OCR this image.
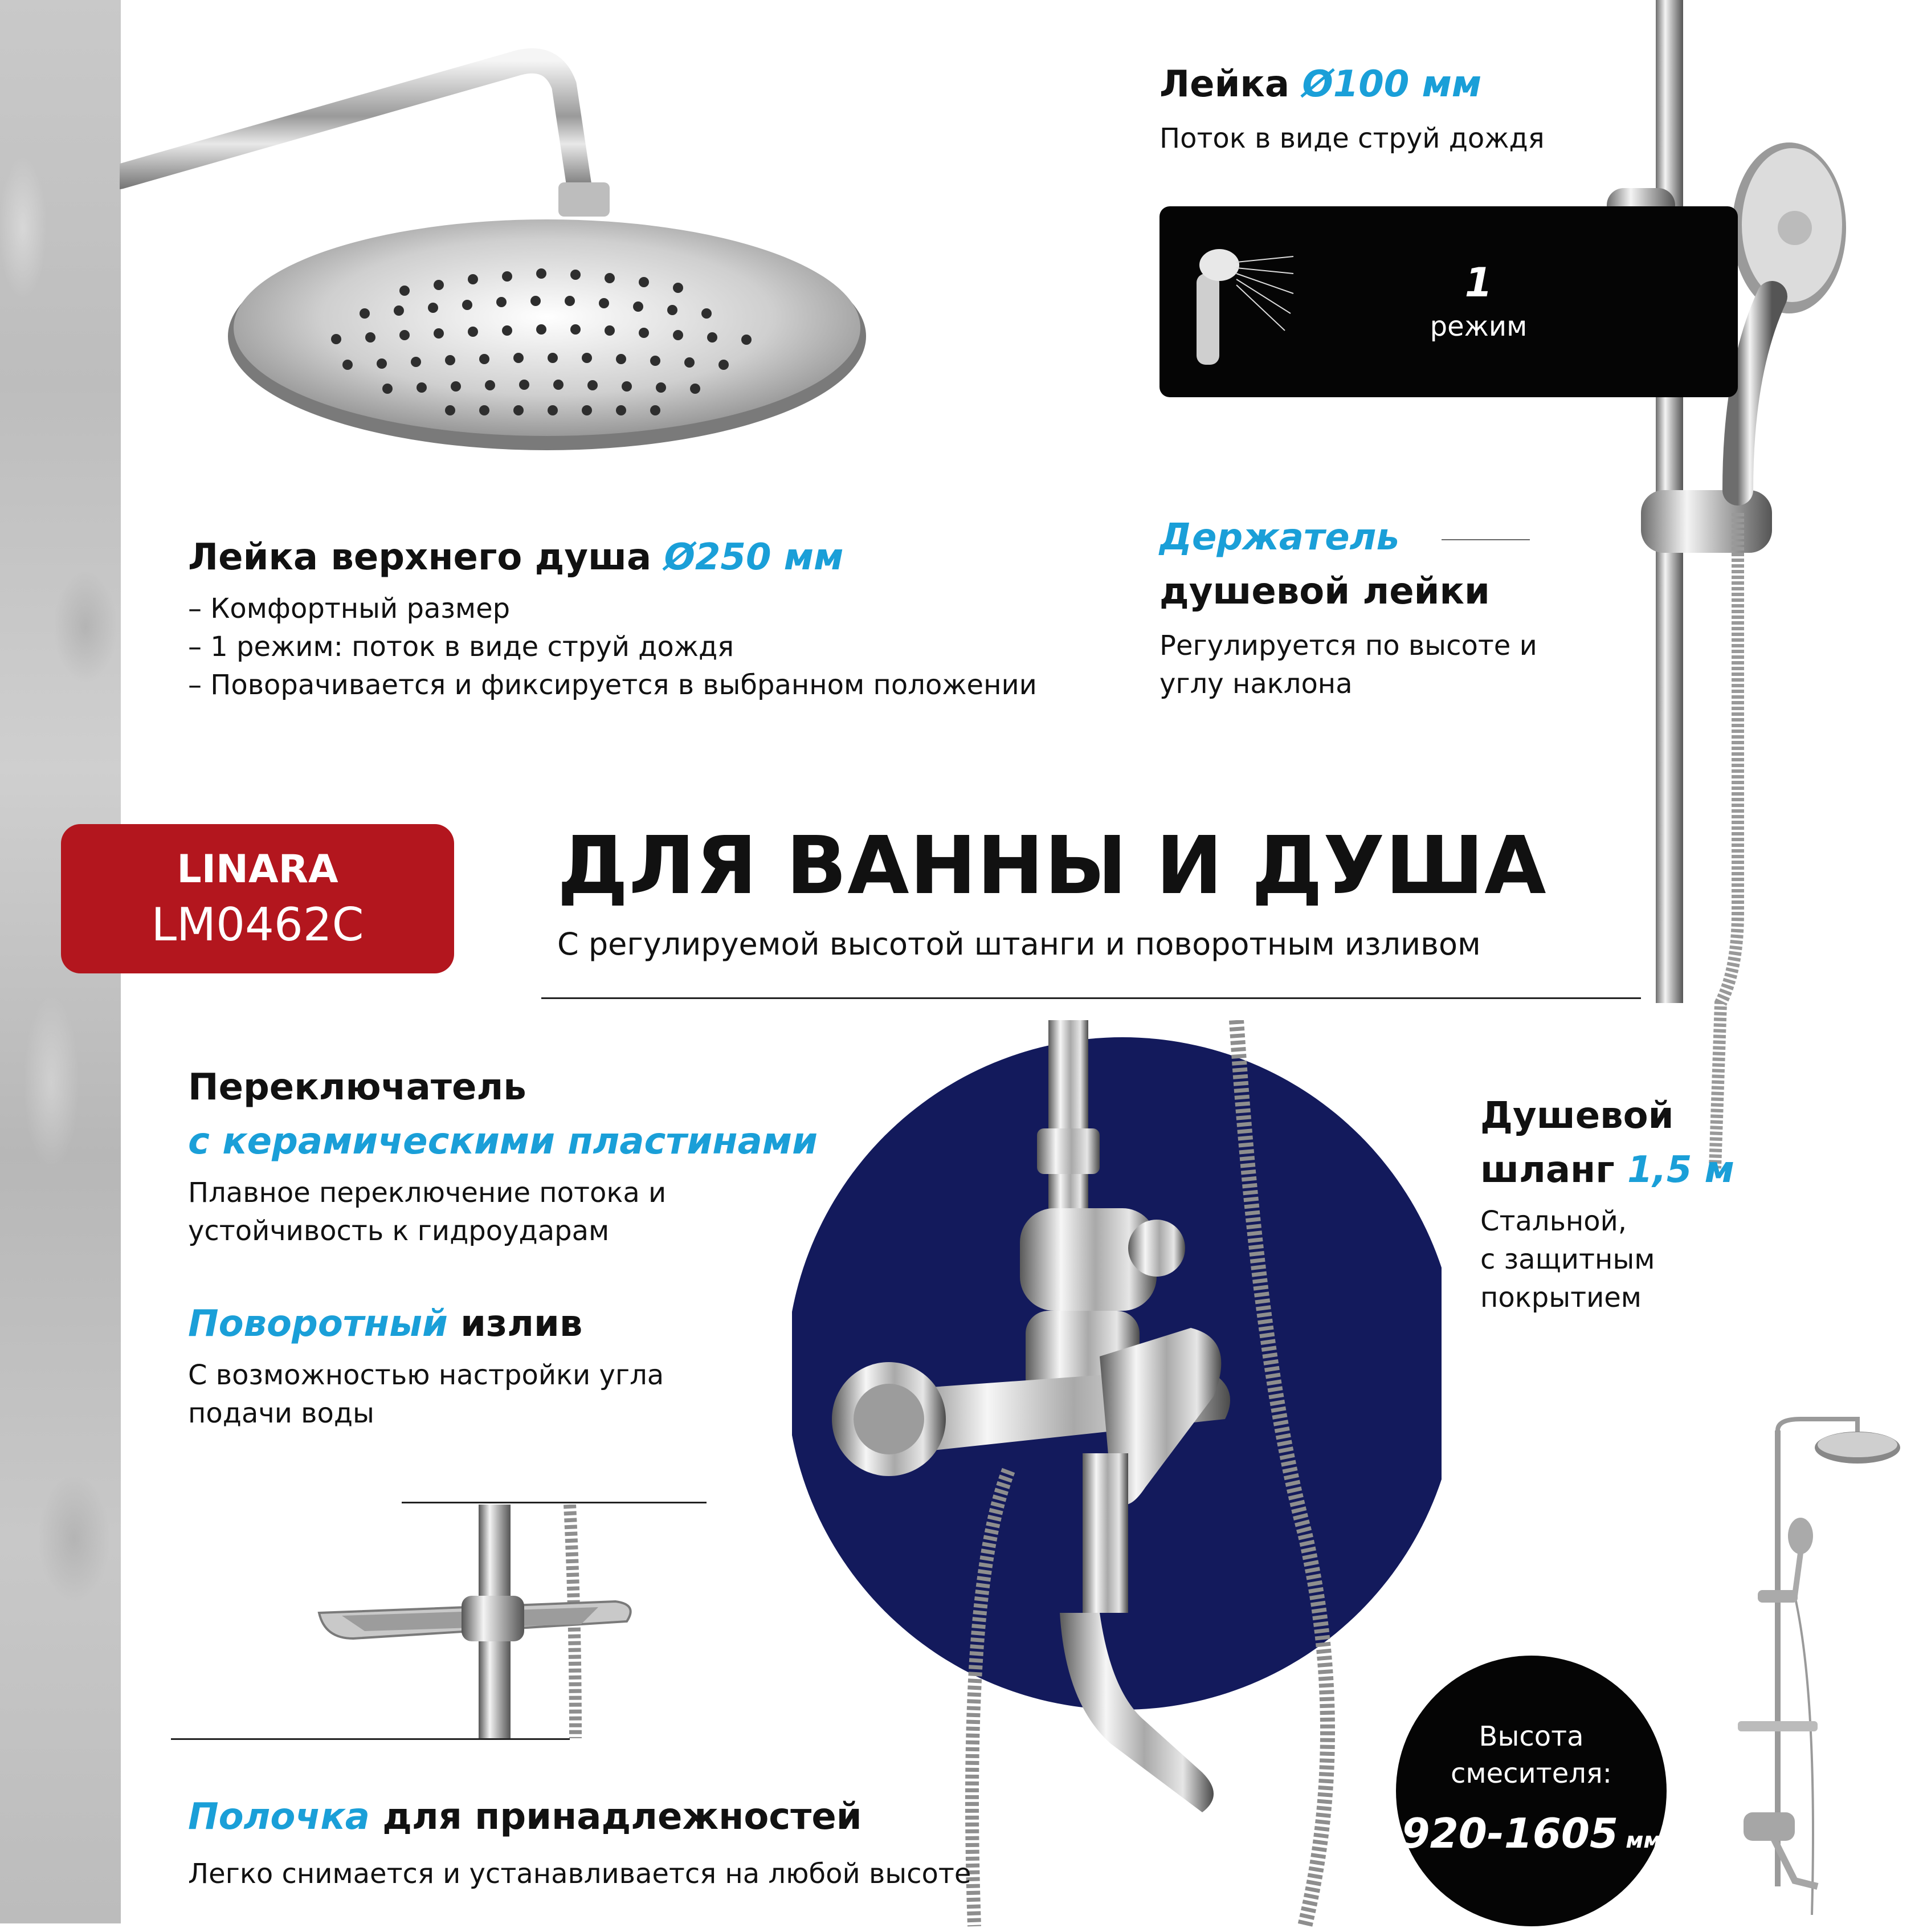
Лейка Ø100 мм
Поток в виде струй дождя
1
режим
Лейка верхнего душа Ø250 мм
– Комфортный размер
– 1 режим: поток в виде струй дождя
– Поворачивается и фиксируется в выбранном положении
Держатель
душевой лейки
Регулируется по высоте и
углу наклона
LINARA
LM0462C
ДЛЯ ВАННЫ И ДУША
С регулируемой высотой штанги и поворотным изливом
Переключатель
с керамическими пластинами
Плавное переключение потока и
устойчивость к гидроударам
Поворотный излив
С возможностью настройки угла
подачи воды
Душевой
шланг 1,5 м
Стальной,
с защитным
покрытием
Полочка для принадлежностей
Легко снимается и устанавливается на любой высоте
Высота
смесителя:
920-1605 мм
